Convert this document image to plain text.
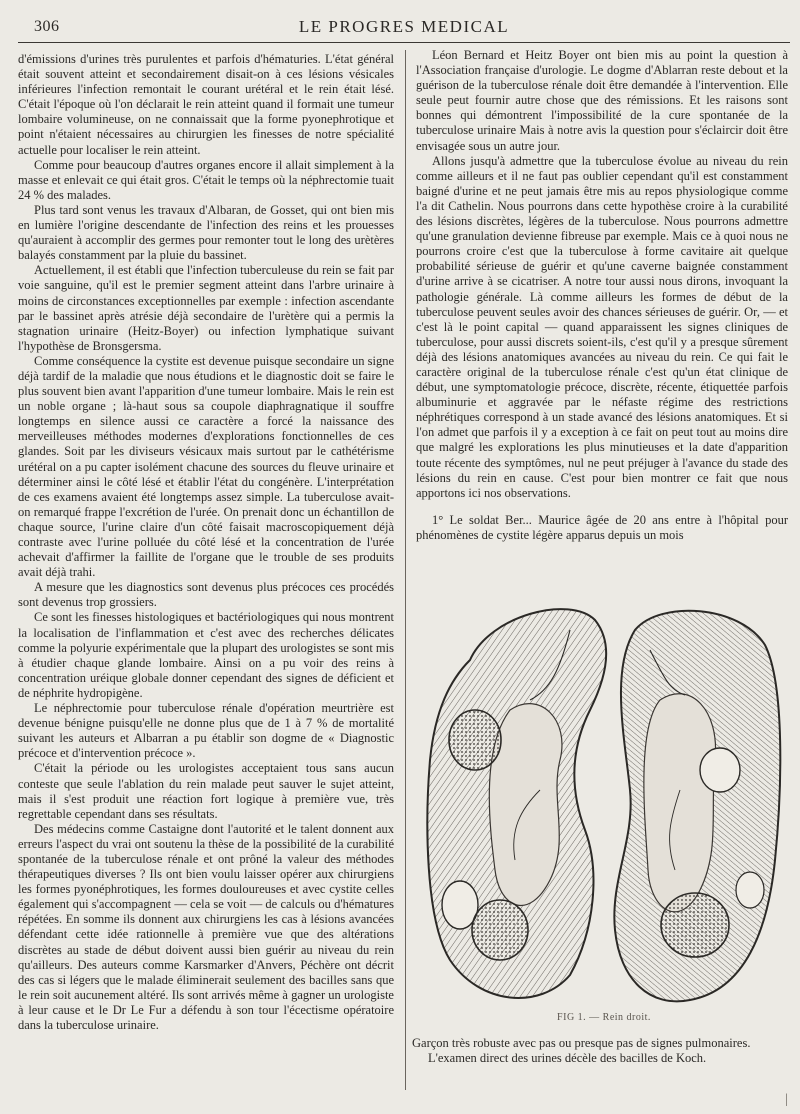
306	LE PROGRES MEDICAL

d'émissions d'urines très purulentes et parfois d'hématuries. L'état général était souvent atteint et secondairement disait-on à ces lésions vésicales inférieures l'infection remontait le courant urétéral et le rein était lésé. C'était l'époque où l'on déclarait le rein atteint quand il formait une tumeur lombaire volumineuse, on ne connaissait que la forme pyonephrotique et point n'étaient nécessaires au chirurgien les finesses de notre spécialité actuelle pour localiser le rein atteint.

Comme pour beaucoup d'autres organes encore il allait simplement à la masse et enlevait ce qui était gros. C'était le temps où la néphrectomie tuait 24 % des malades.

Plus tard sont venus les travaux d'Albaran, de Gosset, qui ont bien mis en lumière l'origine descendante de l'infection des reins et les prouesses qu'auraient à accomplir des germes pour remonter tout le long des urètères balayés constamment par la pluie du bassinet.

Actuellement, il est établi que l'infection tuberculeuse du rein se fait par voie sanguine, qu'il est le premier segment atteint dans l'arbre urinaire à moins de circonstances exceptionnelles par exemple : infection ascendante par le bassinet après atrésie déjà secondaire de l'urètère qui a permis la stagnation urinaire (Heitz-Boyer) ou infection lymphatique suivant l'hypothèse de Bronsgersma.

Comme conséquence la cystite est devenue puisque secondaire un signe déjà tardif de la maladie que nous étudions et le diagnostic doit se faire le plus souvent bien avant l'apparition d'une tumeur lombaire. Mais le rein est un noble organe ; là-haut sous sa coupole diaphragnatique il souffre longtemps en silence aussi ce caractère a forcé la naissance des merveilleuses méthodes modernes d'explorations fonctionnelles de ces glandes. Soit par les diviseurs vésicaux mais surtout par le cathétérisme urétéral on a pu capter isolément chacune des sources du fleuve urinaire et déterminer ainsi le côté lésé et établir l'état du congénère. L'interprétation de ces examens avaient été longtemps assez simple. La tuberculose avait-on remarqué frappe l'excrétion de l'urée. On prenait donc un échantillon de chaque source, l'urine claire d'un côté faisait macroscopiquement déjà contraste avec l'urine polluée du côté lésé et la concentration de l'urée achevait d'affirmer la faillite de l'organe que le trouble de ses produits avait déjà trahi.

A mesure que les diagnostics sont devenus plus précoces ces procédés sont devenus trop grossiers.

Ce sont les finesses histologiques et bactériologiques qui nous montrent la localisation de l'inflammation et c'est avec des recherches délicates comme la polyurie expérimentale que la plupart des urologistes se sont mis à étudier chaque glande lombaire. Ainsi on a pu voir des reins à concentration uréique globale donner cependant des signes de déficient et de néphrite hydropigène.

Le néphrectomie pour tuberculose rénale d'opération meurtrière est devenue bénigne puisqu'elle ne donne plus que de 1 à 7 % de mortalité suivant les auteurs et Albarran a pu établir son dogme de « Diagnostic précoce et d'intervention précoce ».

C'était la période ou les urologistes acceptaient tous sans aucun conteste que seule l'ablation du rein malade peut sauver le sujet atteint, mais il s'est produit une réaction fort logique à première vue, très regrettable cependant dans ses résultats.

Des médecins comme Castaigne dont l'autorité et le talent donnent aux erreurs l'aspect du vrai ont soutenu la thèse de la possibilité de la curabilité spontanée de la tuberculose rénale et ont prôné la valeur des méthodes thérapeutiques diverses ? Ils ont bien voulu laisser opérer aux chirurgiens les formes pyonéphrotiques, les formes douloureuses et avec cystite celles également qui s'accompagnent — cela se voit — de calculs ou d'hématures répétées. En somme ils donnent aux chirurgiens les cas à lésions avancées défendant cette idée rationnelle à première vue que des altérations discrètes au stade de début doivent aussi bien guérir au niveau du rein qu'ailleurs. Des auteurs comme Karsmarker d'Anvers, Péchère ont décrit des cas si légers que le malade éliminerait seulement des bacilles sans que le rein soit aucunement altéré. Ils sont arrivés même à gagner un urologiste à leur cause et le Dr Le Fur a défendu à son tour l'écectisme opératoire dans la tuberculose urinaire.

Léon Bernard et Heitz Boyer ont bien mis au point la question à l'Association française d'urologie. Le dogme d'Ablarran reste debout et la guérison de la tuberculose rénale doit être demandée à l'intervention. Elle seule peut fournir autre chose que des rémissions. Et les raisons sont bonnes qui démontrent l'impossibilité de la cure spontanée de la tuberculose urinaire Mais à notre avis la question pour s'éclaircir doit être envisagée sous un autre jour.

Allons jusqu'à admettre que la tuberculose évolue au niveau du rein comme ailleurs et il ne faut pas oublier cependant qu'il est constamment baigné d'urine et ne peut jamais être mis au repos physiologique comme l'a dit Cathelin. Nous pourrons dans cette hypothèse croire à la curabilité des lésions discrètes, légères de la tuberculose. Nous pourrons admettre qu'une granulation devienne fibreuse par exemple. Mais ce à quoi nous ne pourrons croire c'est que la tuberculose à forme cavitaire ait quelque probabilité sérieuse de guérir et qu'une caverne baignée constamment d'urine arrive à se cicatriser. A notre tour aussi nous dirons, invoquant la pathologie générale. Là comme ailleurs les formes de début de la tuberculose peuvent seules avoir des chances sérieuses de guérir. Or, — et c'est là le point capital — quand apparaissent les signes cliniques de tuberculose, pour aussi discrets soient-ils, c'est qu'il y a presque sûrement déjà des lésions anatomiques avancées au niveau du rein. Ce qui fait le caractère original de la tuberculose rénale c'est qu'un état clinique de début, une symptomatologie précoce, discrète, récente, étiquettée parfois albuminurie et aggravée par le néfaste régime des restrictions néphrétiques correspond à un stade avancé des lésions anatomiques. Et si l'on admet que parfois il y a exception à ce fait on peut tout au moins dire que malgré les explorations les plus minutieuses et la date d'apparition toute récente des symptômes, nul ne peut préjuger à l'avance du stade des lésions du rein en cause. C'est pour bien montrer ce fait que nous apportons ici nos observations.

1° Le soldat Ber... Maurice âgée de 20 ans entre à l'hôpital pour phénomènes de cystite légère apparus depuis un mois

FIG 1. — Rein droit.

Garçon très robuste avec pas ou presque pas de signes pulmonaires.

L'examen direct des urines décèle des bacilles de Koch.

|
